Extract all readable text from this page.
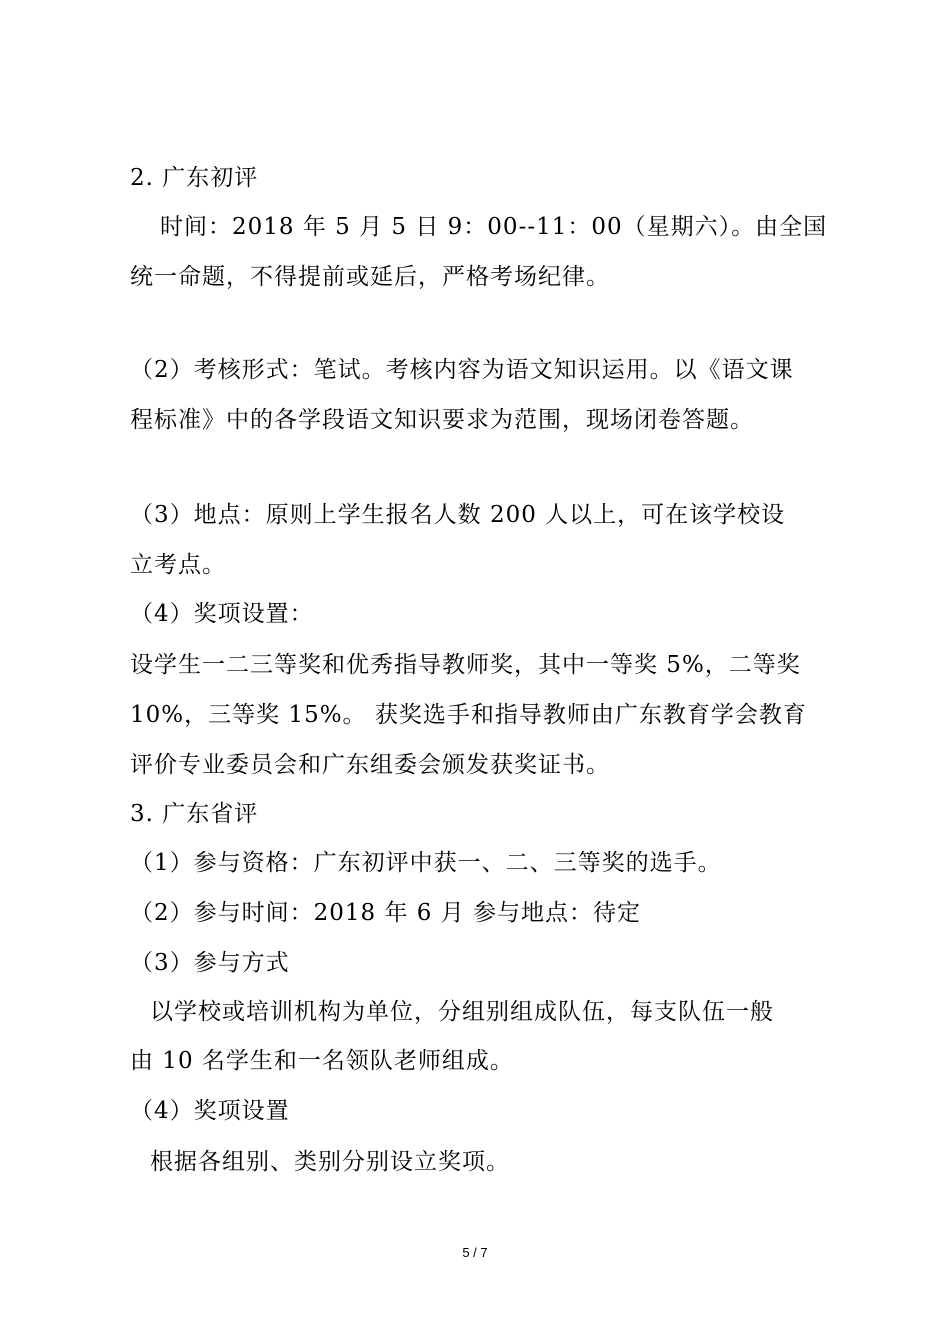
2. 广东初评
时间：2018 年 5 月 5 日 9：00--11：00（星期六）。由全国
统一命题，不得提前或延后，严格考场纪律。
（2）考核形式：笔试。考核内容为语文知识运用。以《语文课
程标准》中的各学段语文知识要求为范围，现场闭卷答题。
（3）地点：原则上学生报名人数 200 人以上，可在该学校设
立考点。
（4）奖项设置：
设学生一二三等奖和优秀指导教师奖，其中一等奖 5%，二等奖
10%，三等奖 15%。 获奖选手和指导教师由广东教育学会教育
评价专业委员会和广东组委会颁发获奖证书。
3. 广东省评
（1）参与资格：广东初评中获一、二、三等奖的选手。
（2）参与时间：2018 年 6 月 参与地点：待定
（3）参与方式
以学校或培训机构为单位，分组别组成队伍，每支队伍一般
由 10 名学生和一名领队老师组成。
（4）奖项设置
根据各组别、类别分别设立奖项。
5 / 7
